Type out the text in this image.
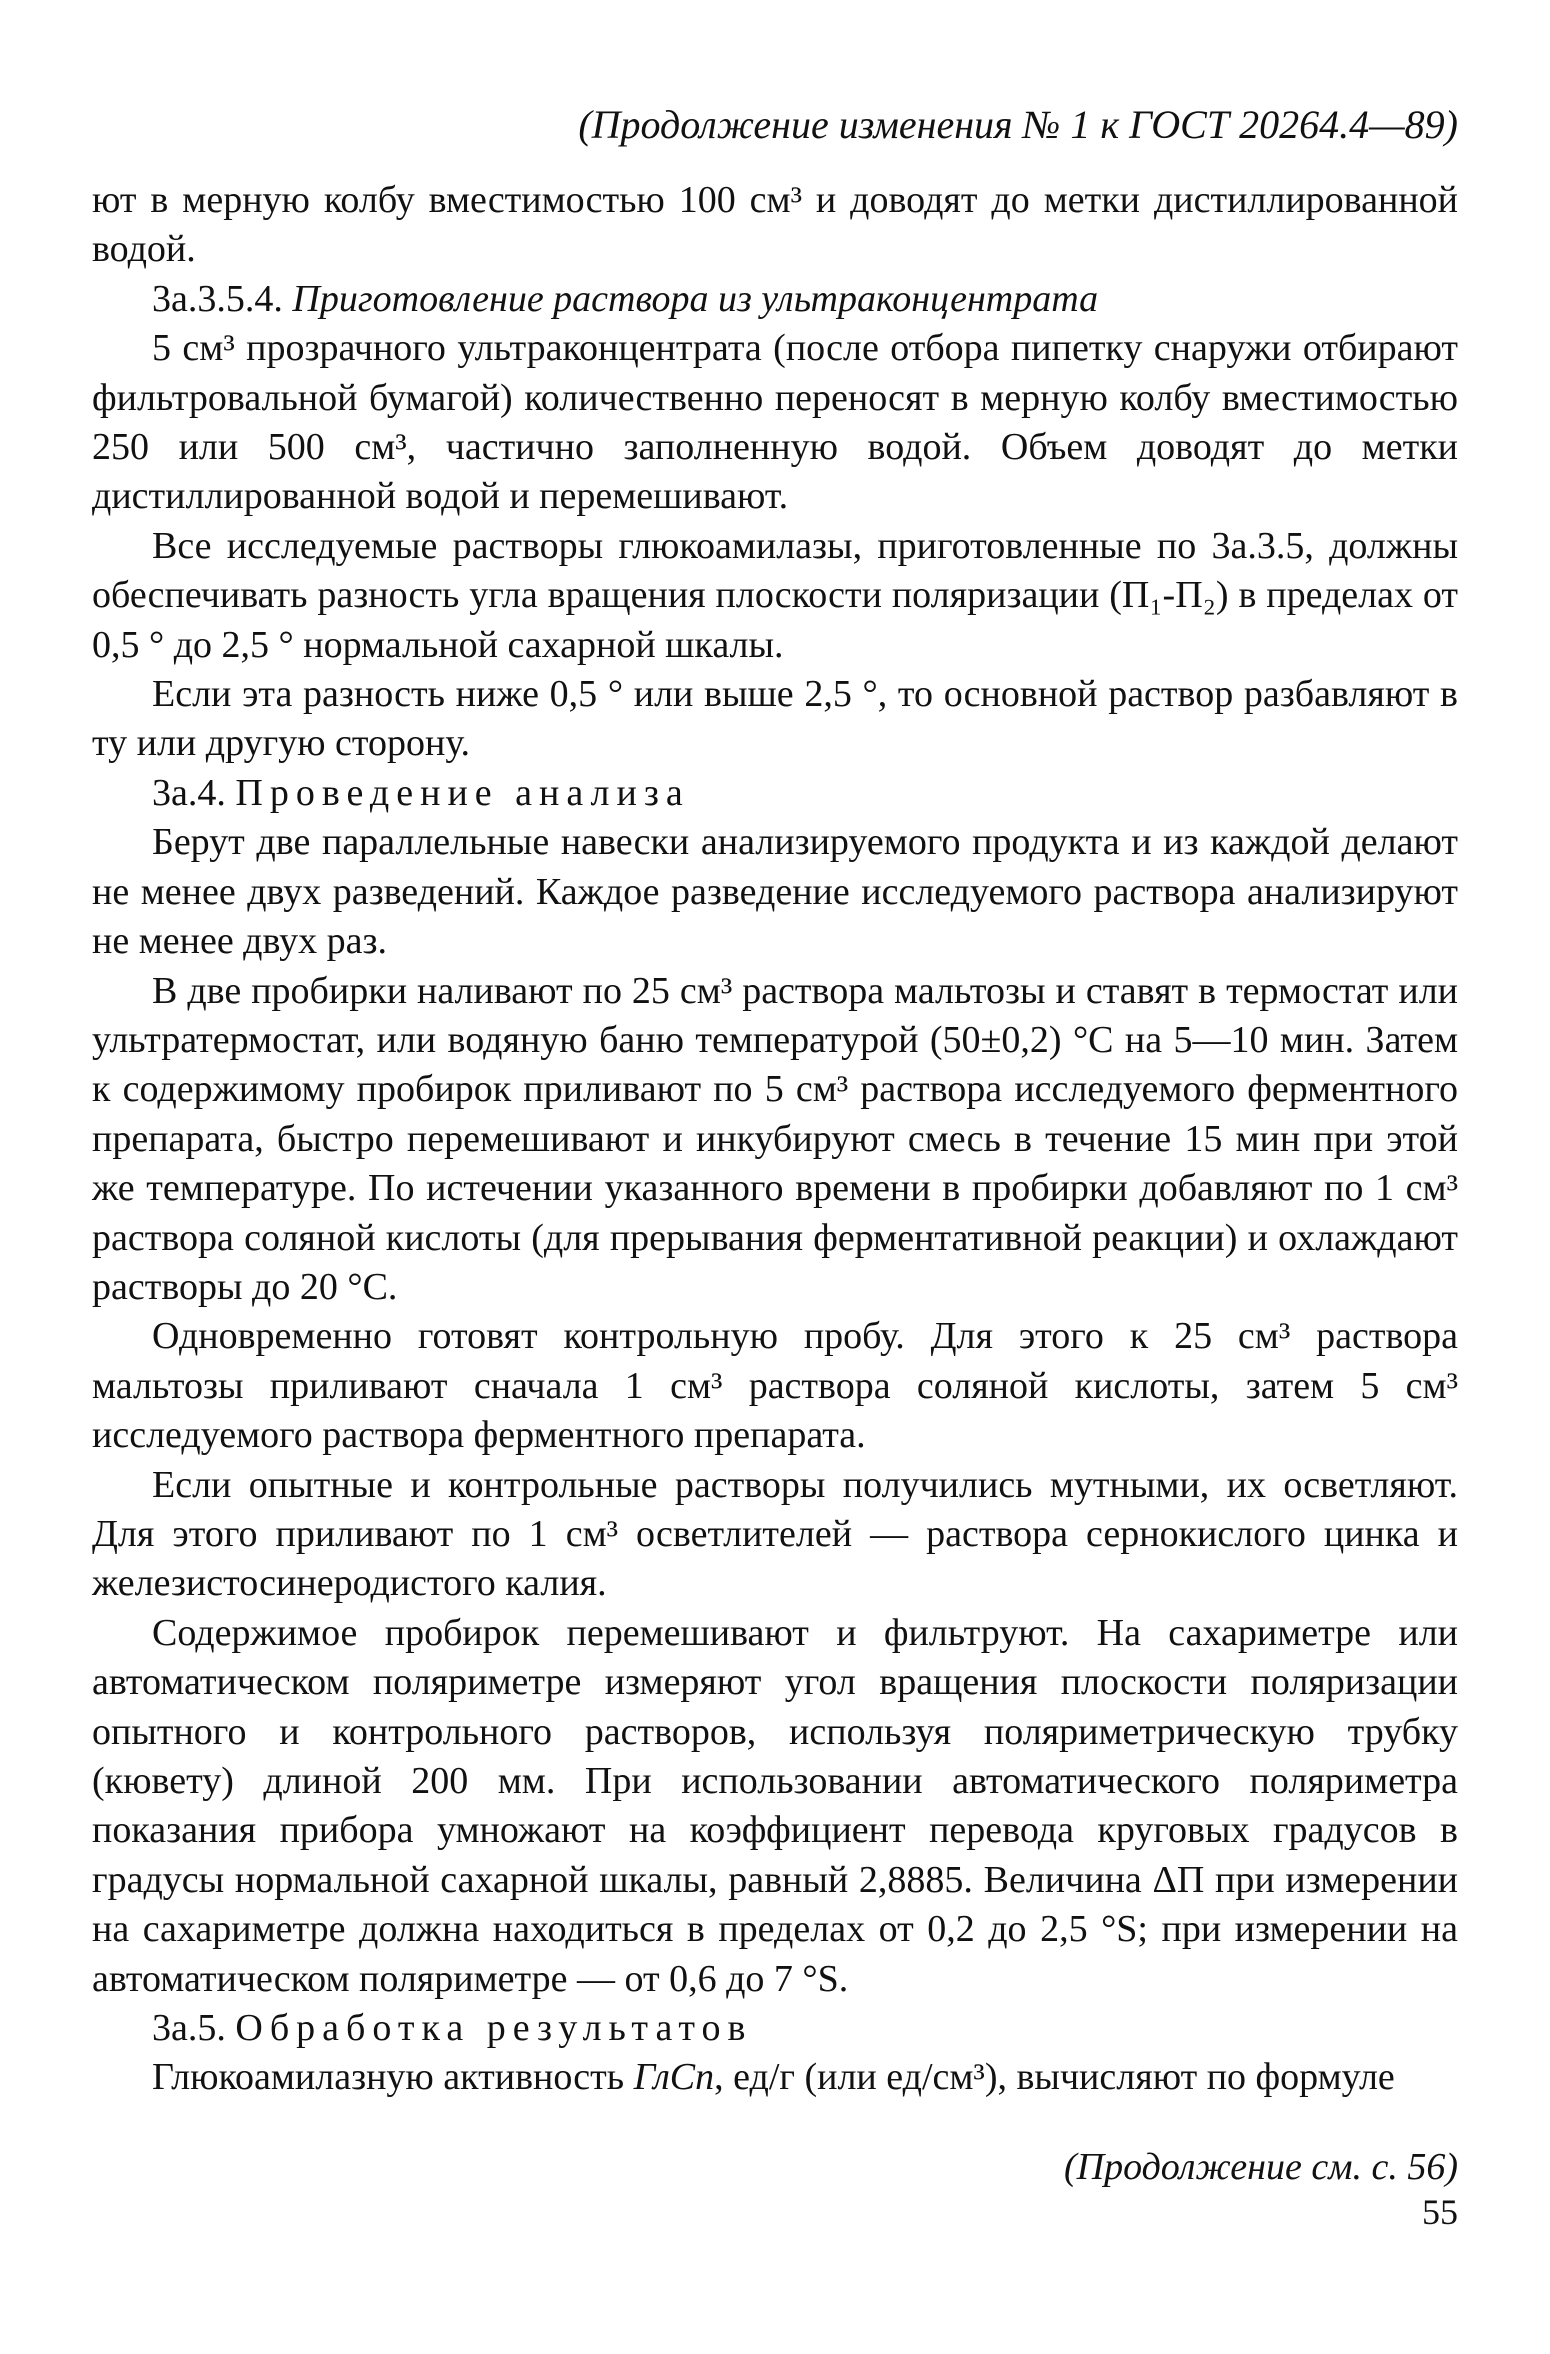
(Продолжение изменения № 1 к ГОСТ 20264.4—89)

ют в мерную колбу вместимостью 100 см³ и доводят до метки дистиллированной водой.

3а.3.5.4. Приготовление раствора из ультраконцентрата

5 см³ прозрачного ультраконцентрата (после отбора пипетку снаружи отбирают фильтровальной бумагой) количественно переносят в мерную колбу вместимостью 250 или 500 см³, частично заполненную водой. Объем доводят до метки дистиллированной водой и перемешивают.

Все исследуемые растворы глюкоамилазы, приготовленные по 3а.3.5, должны обеспечивать разность угла вращения плоскости поляризации (П₁-П₂) в пределах от 0,5 ° до 2,5 ° нормальной сахарной шкалы.

Если эта разность ниже 0,5 ° или выше 2,5 °, то основной раствор разбавляют в ту или другую сторону.

3а.4. Проведение анализа

Берут две параллельные навески анализируемого продукта и из каждой делают не менее двух разведений. Каждое разведение исследуемого раствора анализируют не менее двух раз.

В две пробирки наливают по 25 см³ раствора мальтозы и ставят в термостат или ультратермостат, или водяную баню температурой (50±0,2) °С на 5—10 мин. Затем к содержимому пробирок приливают по 5 см³ раствора исследуемого ферментного препарата, быстро перемешивают и инкубируют смесь в течение 15 мин при этой же температуре. По истечении указанного времени в пробирки добавляют по 1 см³ раствора соляной кислоты (для прерывания ферментативной реакции) и охлаждают растворы до 20 °С.

Одновременно готовят контрольную пробу. Для этого к 25 см³ раствора мальтозы приливают сначала 1 см³ раствора соляной кислоты, затем 5 см³ исследуемого раствора ферментного препарата.

Если опытные и контрольные растворы получились мутными, их осветляют. Для этого приливают по 1 см³ осветлителей — раствора сернокислого цинка и железистосинеродистого калия.

Содержимое пробирок перемешивают и фильтруют. На сахариметре или автоматическом поляриметре измеряют угол вращения плоскости поляризации опытного и контрольного растворов, используя поляриметрическую трубку (кювету) длиной 200 мм. При использовании автоматического поляриметра показания прибора умножают на коэффициент перевода круговых градусов в градусы нормальной сахарной шкалы, равный 2,8885. Величина ΔП при измерении на сахариметре должна находиться в пределах от 0,2 до 2,5 °S; при измерении на автоматическом поляриметре — от 0,6 до 7 °S.

3а.5. Обработка результатов

Глюкоамилазную активность ГлСп, ед/г (или ед/см³), вычисляют по формуле

(Продолжение см. с. 56)
55
